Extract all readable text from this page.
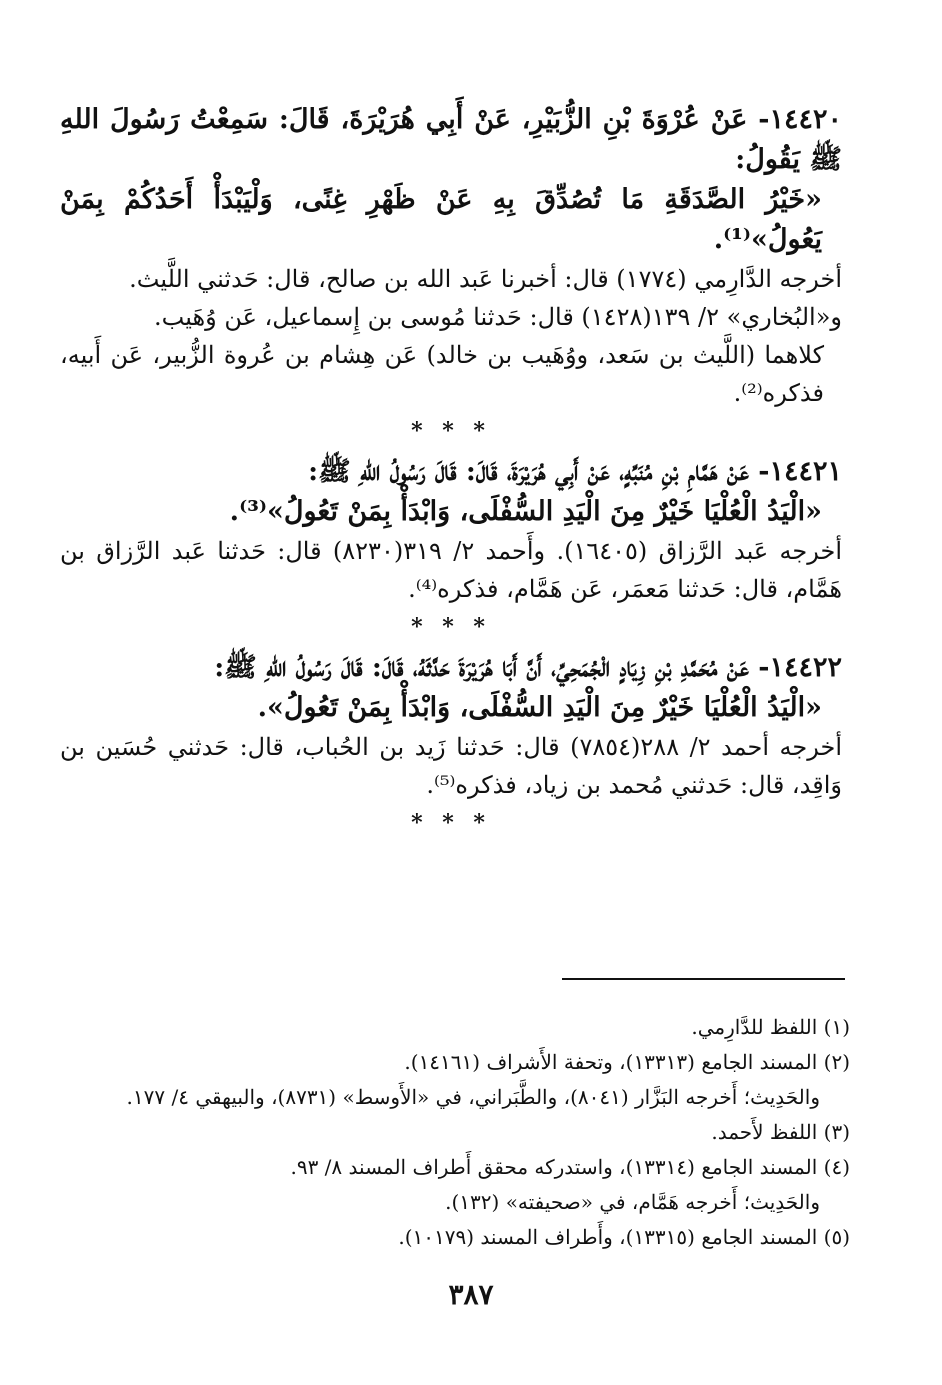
١٤٤٢٠- عَنْ عُرْوَةَ بْنِ الزُّبَيْرِ، عَنْ أَبِي هُرَيْرَةَ، قَالَ: سَمِعْتُ رَسُولَ اللهِ ﷺ يَقُولُ:
«خَيْرُ الصَّدَقَةِ مَا تُصُدِّقَ بِهِ عَنْ ظَهْرِ غِنًى، وَلْيَبْدَأْ أَحَدُكُمْ بِمَنْ يَعُولُ»⁽¹⁾.
أخرجه الدَّارِمي (١٧٧٤) قال: أخبرنا عَبد الله بن صالح، قال: حَدثني اللَّيث.
و«البُخاري» ٢/ ١٣٩(١٤٢٨) قال: حَدثنا مُوسى بن إِسماعيل، عَن وُهَيب.
كلاهما (اللَّيث بن سَعد، ووُهَيب بن خالد) عَن هِشام بن عُروة الزُّبير، عَن أَبيه، فذكره⁽²⁾.
* * *
١٤٤٢١- عَنْ هَمَّامِ بْنِ مُنَبِّهٍ، عَنْ أَبِي هُرَيْرَةَ، قَالَ: قَالَ رَسُولُ اللهِ ﷺ:
«الْيَدُ الْعُلْيَا خَيْرٌ مِنَ الْيَدِ السُّفْلَى، وَابْدَأْ بِمَنْ تَعُولُ»⁽³⁾.
أخرجه عَبد الرَّزاق (١٦٤٠٥). وأَحمد ٢/ ٣١٩(٨٢٣٠) قال: حَدثنا عَبد الرَّزاق بن هَمَّام، قال: حَدثنا مَعمَر، عَن هَمَّام، فذكره⁽⁴⁾.
* * *
١٤٤٢٢- عَنْ مُحَمَّدِ بْنِ زِيَادٍ الْجُمَحِيِّ، أَنَّ أَبَا هُرَيْرَةَ حَدَّثَهُ، قَالَ: قَالَ رَسُولُ اللهِ ﷺ:
«الْيَدُ الْعُلْيَا خَيْرٌ مِنَ الْيَدِ السُّفْلَى، وَابْدَأْ بِمَنْ تَعُولُ».
أخرجه أحمد ٢/ ٢٨٨(٧٨٥٤) قال: حَدثنا زَيد بن الحُباب، قال: حَدثني حُسَين بن وَاقِد، قال: حَدثني مُحمد بن زياد، فذكره⁽⁵⁾.
* * *
(١) اللفظ للدَّارِمي.
(٢) المسند الجامع (١٣٣١٣)، وتحفة الأَشراف (١٤١٦١).
والحَدِيث؛ أَخرجه البَزَّار (٨٠٤١)، والطَّبَراني، في «الأَوسط» (٨٧٣١)، والبيهقي ٤/ ١٧٧.
(٣) اللفظ لأَحمد.
(٤) المسند الجامع (١٣٣١٤)، واستدركه محقق أَطراف المسند ٨/ ٩٣.
والحَدِيث؛ أَخرجه هَمَّام، في «صحيفته» (١٣٢).
(٥) المسند الجامع (١٣٣١٥)، وأَطراف المسند (١٠١٧٩).
٣٨٧
